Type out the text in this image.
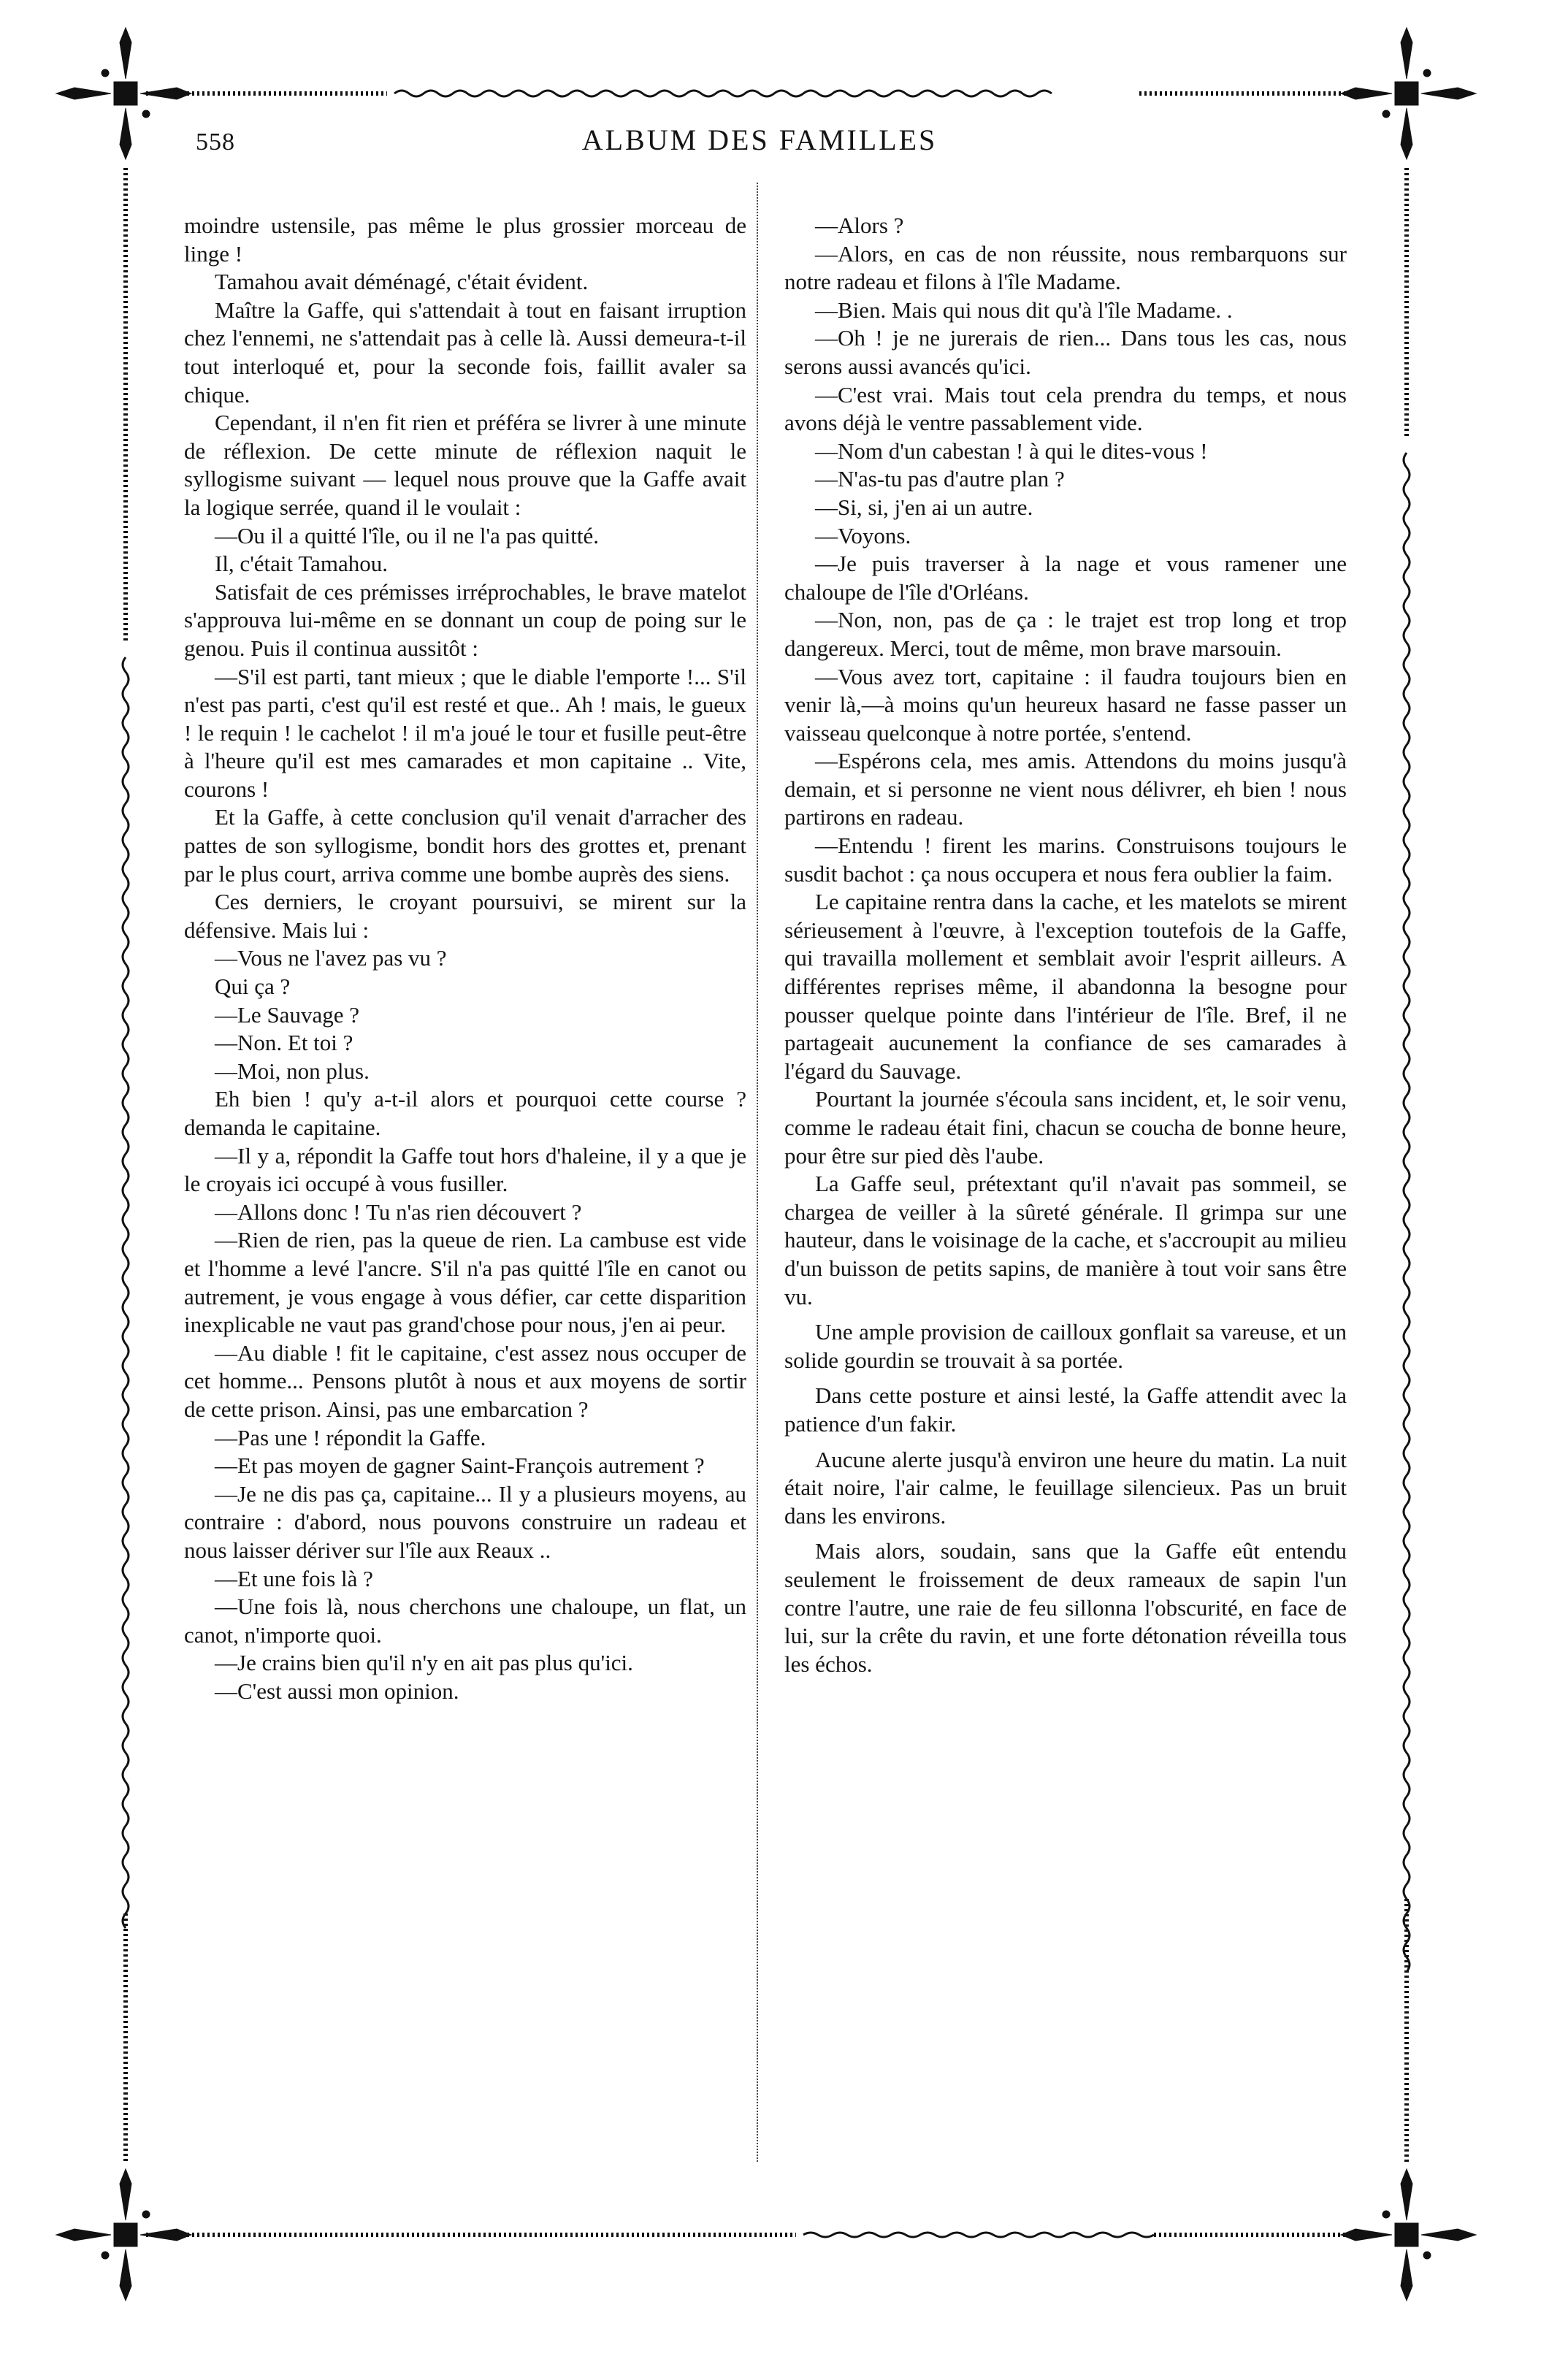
558	ALBUM DES FAMILLES

moindre ustensile, pas même le plus grossier morceau de linge !

Tamahou avait déménagé, c'était évident.

Maître la Gaffe, qui s'attendait à tout en faisant irruption chez l'ennemi, ne s'attendait pas à celle là. Aussi demeura-t-il tout interloqué et, pour la seconde fois, faillit avaler sa chique.

Cependant, il n'en fit rien et préféra se livrer à une minute de réflexion. De cette minute de réflexion naquit le syllogisme suivant — lequel nous prouve que la Gaffe avait la logique serrée, quand il le voulait :

—Ou il a quitté l'île, ou il ne l'a pas quitté.

Il, c'était Tamahou.

Satisfait de ces prémisses irréprochables, le brave matelot s'approuva lui-même en se donnant un coup de poing sur le genou. Puis il continua aussitôt :

—S'il est parti, tant mieux ; que le diable l'emporte !... S'il n'est pas parti, c'est qu'il est resté et que.. Ah ! mais, le gueux ! le requin ! le cachelot ! il m'a joué le tour et fusille peut-être à l'heure qu'il est mes camarades et mon capitaine .. Vite, courons !

Et la Gaffe, à cette conclusion qu'il venait d'arracher des pattes de son syllogisme, bondit hors des grottes et, prenant par le plus court, arriva comme une bombe auprès des siens.

Ces derniers, le croyant poursuivi, se mirent sur la défensive. Mais lui :

—Vous ne l'avez pas vu ?

Qui ça ?

—Le Sauvage ?

—Non. Et toi ?

—Moi, non plus.

Eh bien ! qu'y a-t-il alors et pourquoi cette course ? demanda le capitaine.

—Il y a, répondit la Gaffe tout hors d'haleine, il y a que je le croyais ici occupé à vous fusiller.

—Allons donc ! Tu n'as rien découvert ?

—Rien de rien, pas la queue de rien. La cambuse est vide et l'homme a levé l'ancre. S'il n'a pas quitté l'île en canot ou autrement, je vous engage à vous défier, car cette disparition inexplicable ne vaut pas grand'chose pour nous, j'en ai peur.

—Au diable ! fit le capitaine, c'est assez nous occuper de cet homme... Pensons plutôt à nous et aux moyens de sortir de cette prison. Ainsi, pas une embarcation ?

—Pas une ! répondit la Gaffe.

—Et pas moyen de gagner Saint-François autrement ?

—Je ne dis pas ça, capitaine... Il y a plusieurs moyens, au contraire : d'abord, nous pouvons construire un radeau et nous laisser dériver sur l'île aux Reaux ..

—Et une fois là ?

—Une fois là, nous cherchons une chaloupe, un flat, un canot, n'importe quoi.

—Je crains bien qu'il n'y en ait pas plus qu'ici.

—C'est aussi mon opinion.

—Alors ?

—Alors, en cas de non réussite, nous rembarquons sur notre radeau et filons à l'île Madame.

—Bien. Mais qui nous dit qu'à l'île Madame. .

—Oh ! je ne jurerais de rien... Dans tous les cas, nous serons aussi avancés qu'ici.

—C'est vrai. Mais tout cela prendra du temps, et nous avons déjà le ventre passablement vide.

—Nom d'un cabestan ! à qui le dites-vous !

—N'as-tu pas d'autre plan ?

—Si, si, j'en ai un autre.

—Voyons.

—Je puis traverser à la nage et vous ramener une chaloupe de l'île d'Orléans.

—Non, non, pas de ça : le trajet est trop long et trop dangereux. Merci, tout de même, mon brave marsouin.

—Vous avez tort, capitaine : il faudra toujours bien en venir là,—à moins qu'un heureux hasard ne fasse passer un vaisseau quelconque à notre portée, s'entend.

—Espérons cela, mes amis. Attendons du moins jusqu'à demain, et si personne ne vient nous délivrer, eh bien ! nous partirons en radeau.

—Entendu ! firent les marins. Construisons toujours le susdit bachot : ça nous occupera et nous fera oublier la faim.

Le capitaine rentra dans la cache, et les matelots se mirent sérieusement à l'œuvre, à l'exception toutefois de la Gaffe, qui travailla mollement et semblait avoir l'esprit ailleurs. A différentes reprises même, il abandonna la besogne pour pousser quelque pointe dans l'intérieur de l'île. Bref, il ne partageait aucunement la confiance de ses camarades à l'égard du Sauvage.

Pourtant la journée s'écoula sans incident, et, le soir venu, comme le radeau était fini, chacun se coucha de bonne heure, pour être sur pied dès l'aube.

La Gaffe seul, prétextant qu'il n'avait pas sommeil, se chargea de veiller à la sûreté générale. Il grimpa sur une hauteur, dans le voisinage de la cache, et s'accroupit au milieu d'un buisson de petits sapins, de manière à tout voir sans être vu.

Une ample provision de cailloux gonflait sa vareuse, et un solide gourdin se trouvait à sa portée.

Dans cette posture et ainsi lesté, la Gaffe attendit avec la patience d'un fakir.

Aucune alerte jusqu'à environ une heure du matin. La nuit était noire, l'air calme, le feuillage silencieux. Pas un bruit dans les environs.

Mais alors, soudain, sans que la Gaffe eût entendu seulement le froissement de deux rameaux de sapin l'un contre l'autre, une raie de feu sillonna l'obscurité, en face de lui, sur la crête du ravin, et une forte détonation réveilla tous les échos.
